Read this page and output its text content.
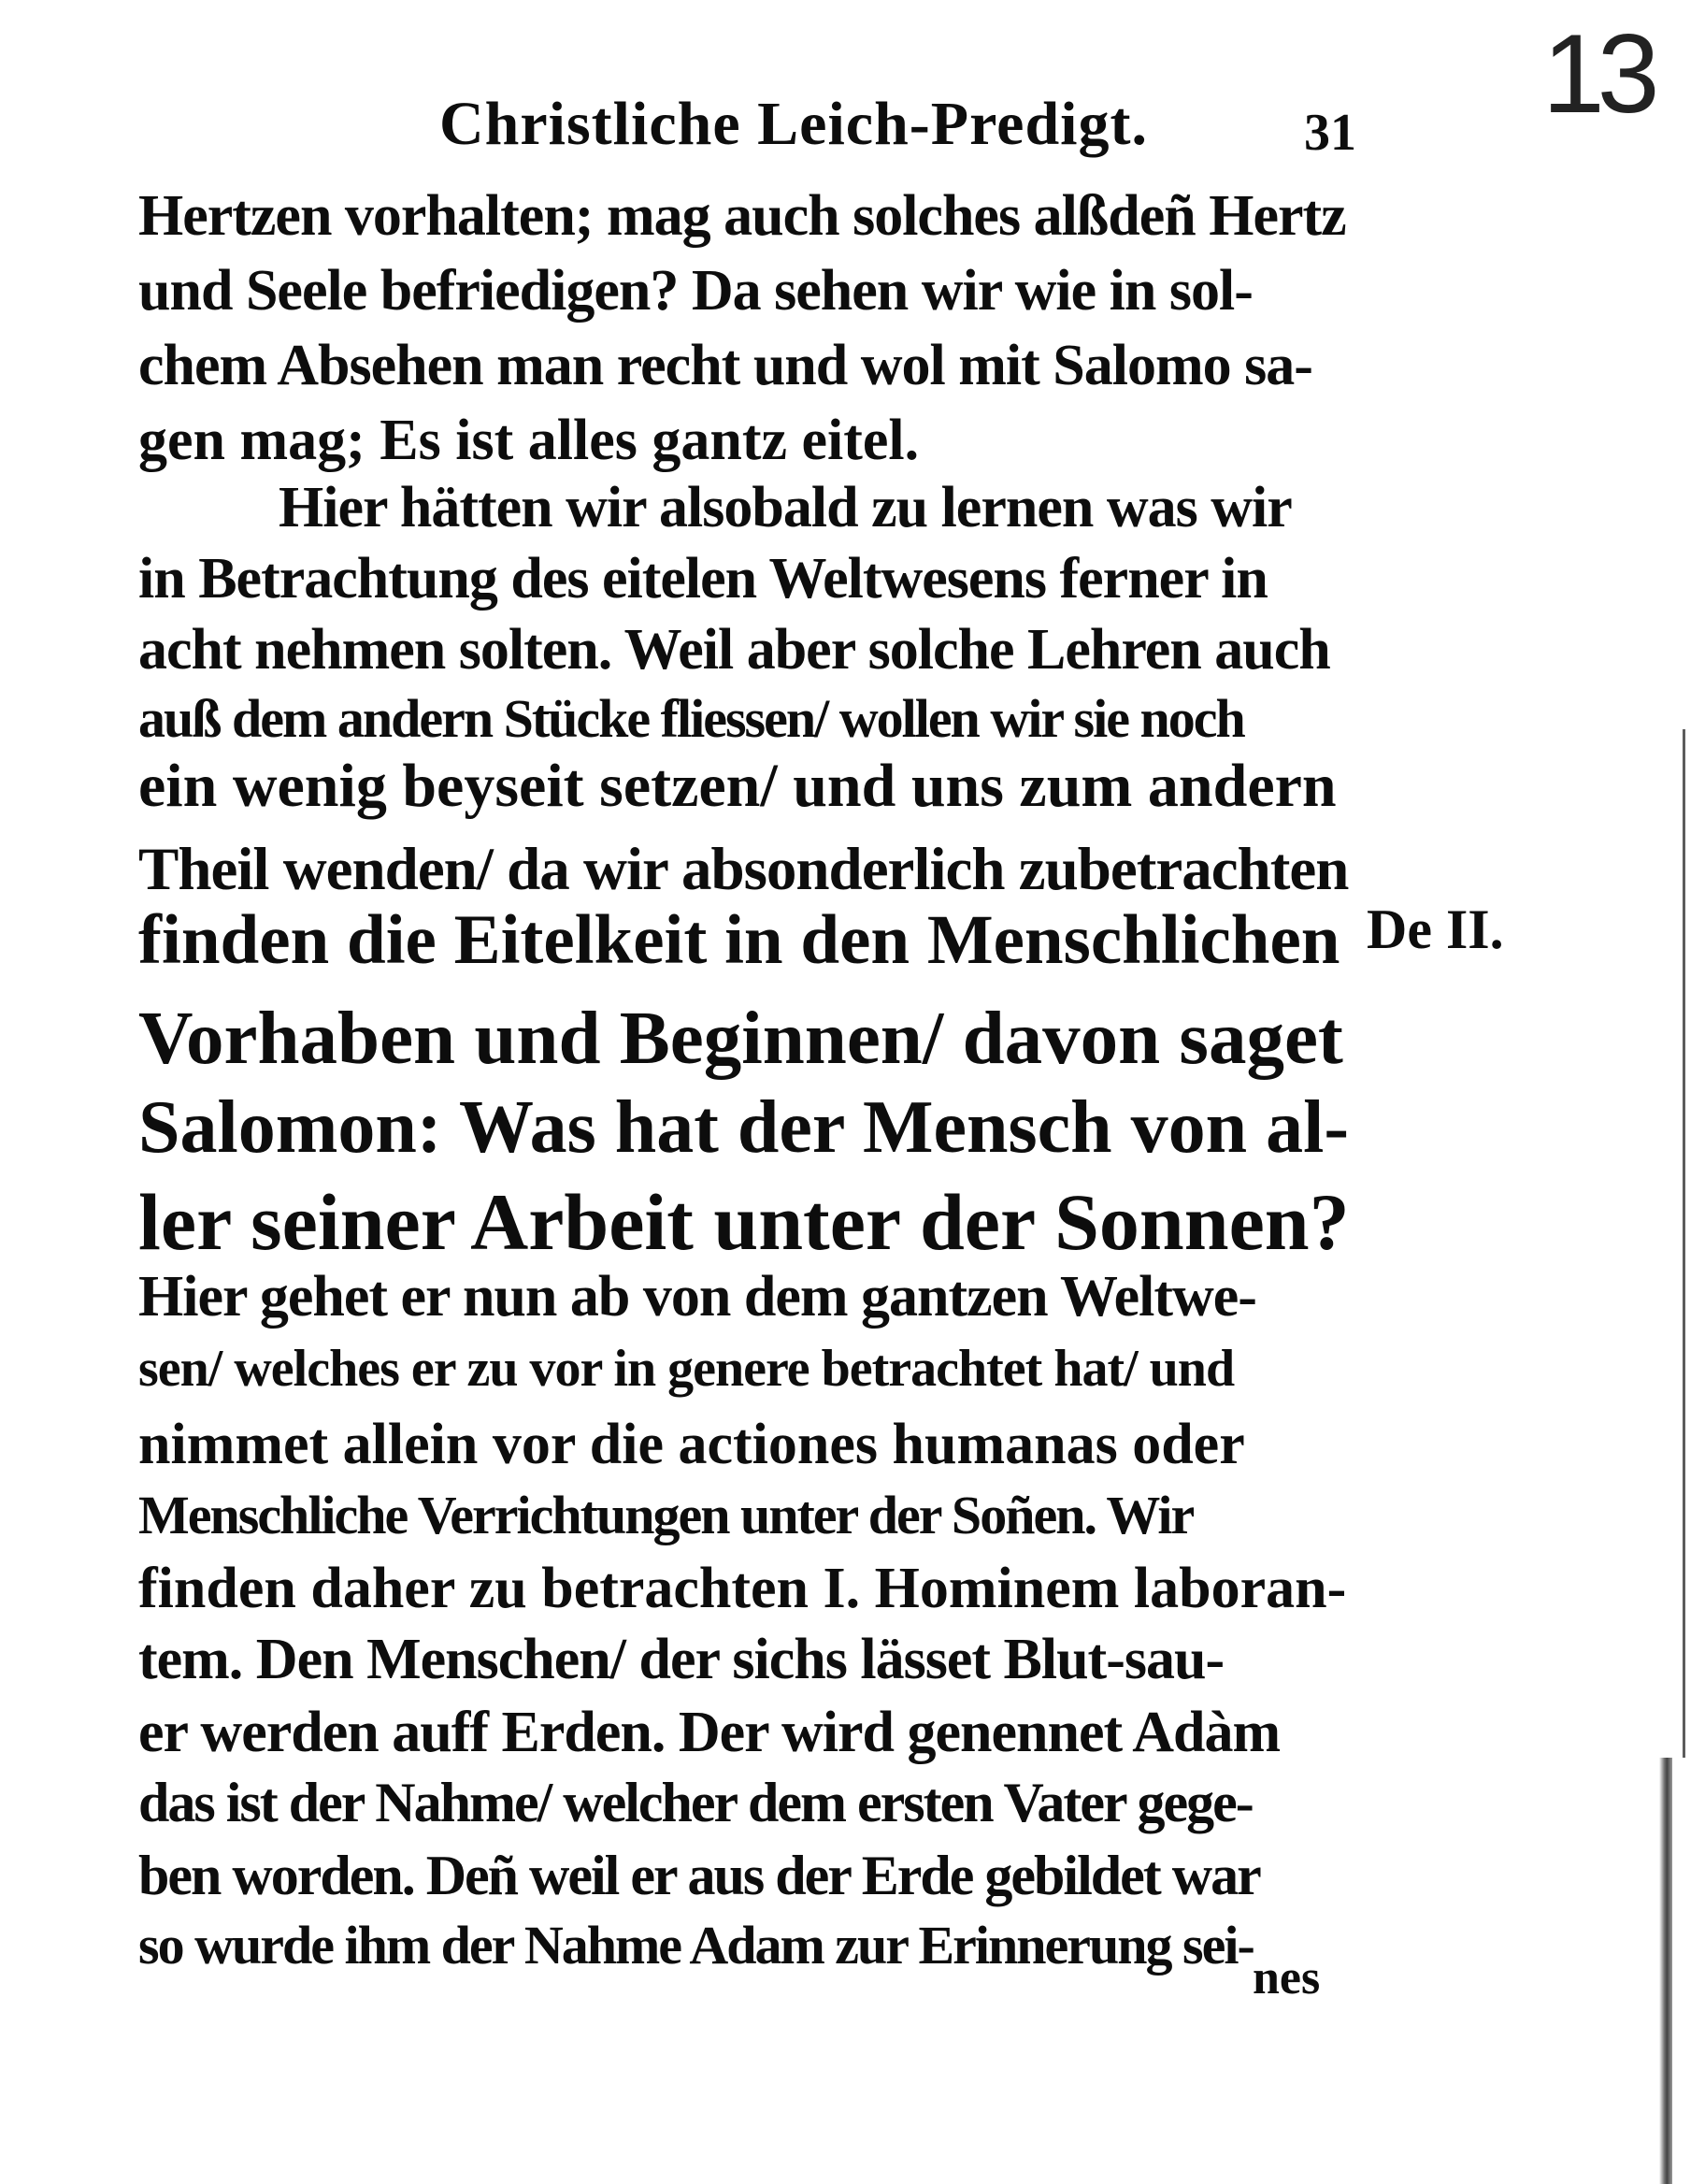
13
Christliche Leich-Predigt.	31
Hertzen vorhalten; mag auch solches alßdeñ Hertz
und Seele befriedigen? Da sehen wir wie in sol-
chem Absehen man recht und wol mit Salomo sa-
gen mag; Es ist alles gantz eitel.
Hier hätten wir alsobald zu lernen was wir
in Betrachtung des eitelen Weltwesens ferner in
acht nehmen solten. Weil aber solche Lehren auch
auß dem andern Stücke fliessen/ wollen wir sie noch
ein wenig beyseit setzen/ und uns zum andern
Theil wenden/ da wir absonderlich zubetrachten
finden die Eitelkeit in den Menschlichen
Vorhaben und Beginnen/ davon saget
Salomon: Was hat der Mensch von al-
ler seiner Arbeit unter der Sonnen?
Hier gehet er nun ab von dem gantzen Weltwe-
sen/ welches er zu vor in genere betrachtet hat/ und
nimmet allein vor die actiones humanas oder
Menschliche Verrichtungen unter der Soñen. Wir
finden daher zu betrachten I. Hominem laboran-
tem. Den Menschen/ der sichs lässet Blut-sau-
er werden auff Erden. Der wird genennet Adàm
das ist der Nahme/ welcher dem ersten Vater gege-
ben worden. Deñ weil er aus der Erde gebildet war
so wurde ihm der Nahme Adam zur Erinnerung sei-
De II.
nes
